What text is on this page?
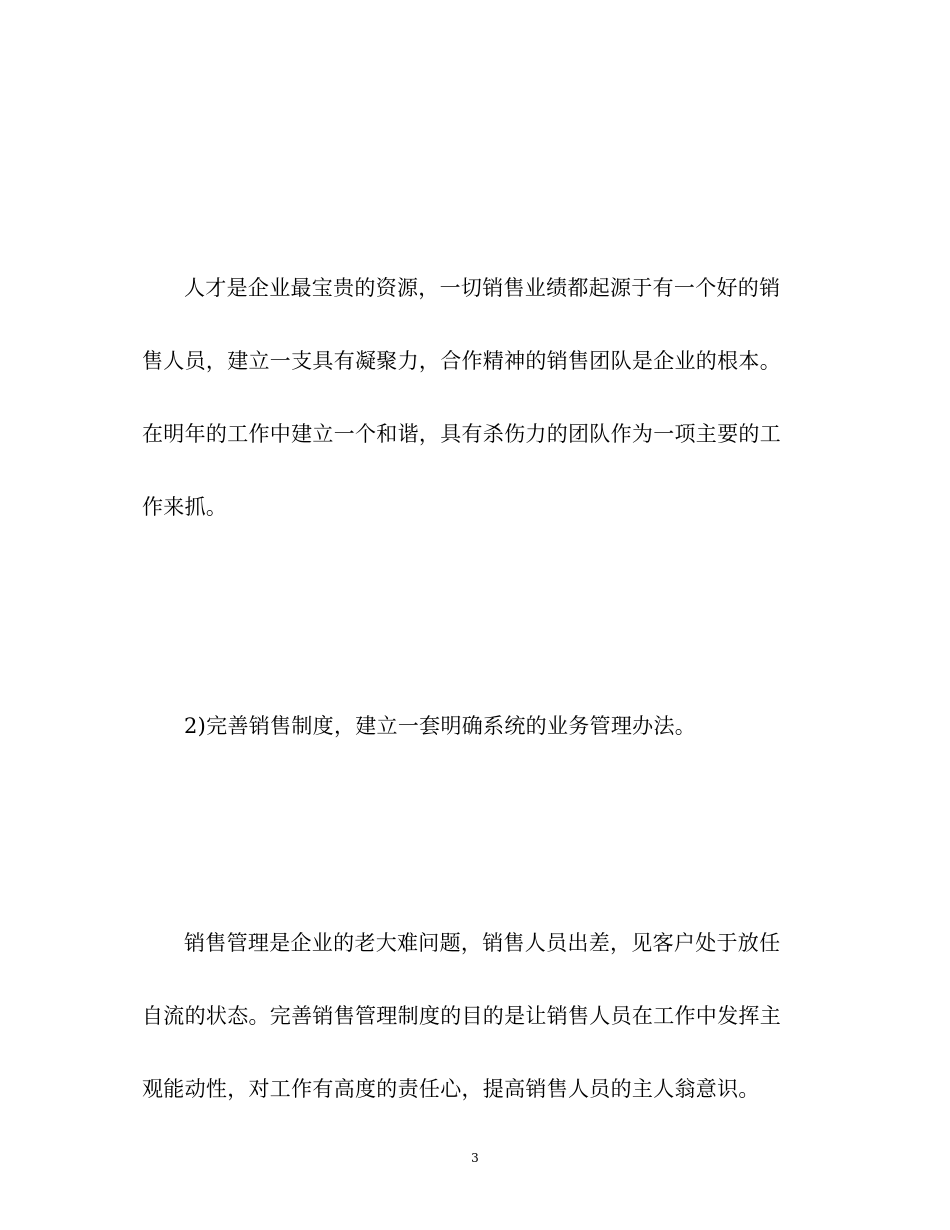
人才是企业最宝贵的资源，一切销售业绩都起源于有一个好的销

售人员，建立一支具有凝聚力，合作精神的销售团队是企业的根本。

在明年的工作中建立一个和谐，具有杀伤力的团队作为一项主要的工

作来抓。

2)完善销售制度，建立一套明确系统的业务管理办法。

销售管理是企业的老大难问题，销售人员出差，见客户处于放任

自流的状态。完善销售管理制度的目的是让销售人员在工作中发挥主

观能动性，对工作有高度的责任心，提高销售人员的主人翁意识。

3
